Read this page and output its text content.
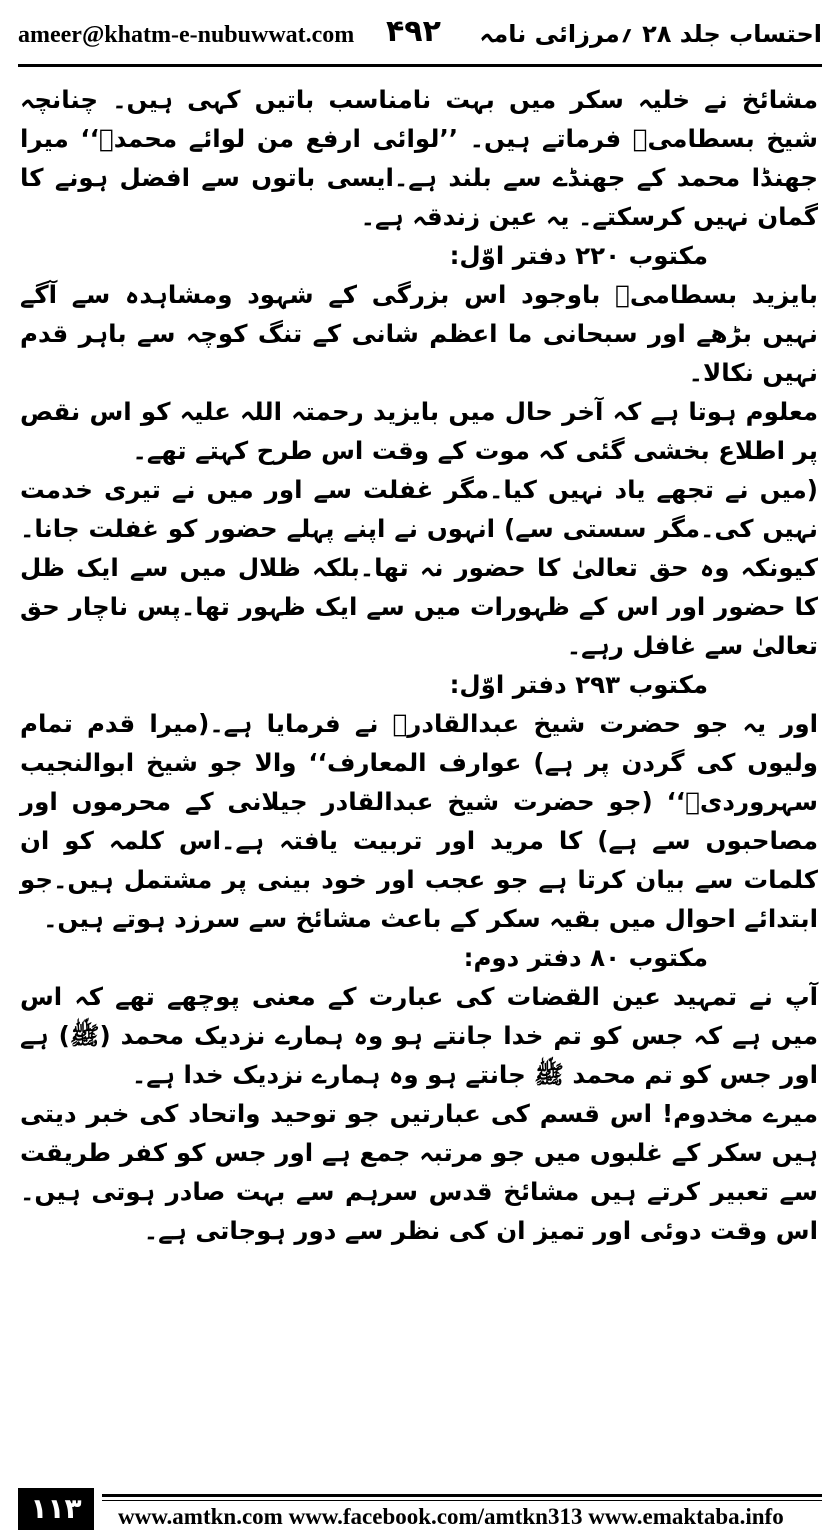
ameer@khatm-e-nubuwwat.com ۴۹۲ احتساب جلد ۲۸ ؍مرزائی نامہ

مشائخ نے خلیہ سکر میں بہت نامناسب باتیں کہی ہیں۔ چنانچہ شیخ بسطامیؒ فرماتے ہیں۔ ’’لوائی ارفع من لوائے محمدؐ‘‘ میرا جھنڈا محمد کے جھنڈے سے بلند ہے۔ایسی باتوں سے افضل ہونے کا گمان نہیں کرسکتے۔ یہ عین زندقہ ہے۔

مکتوب ۲۲۰ دفتر اوّل:

بایزید بسطامیؒ باوجود اس بزرگی کے شہود ومشاہدہ سے آگے نہیں بڑھے اور سبحانی ما اعظم شانی کے تنگ کوچہ سے باہر قدم نہیں نکالا۔

معلوم ہوتا ہے کہ آخر حال میں بایزید رحمتہ اللہ علیہ کو اس نقص پر اطلاع بخشی گئی کہ موت کے وقت اس طرح کہتے تھے۔

(میں نے تجھے یاد نہیں کیا۔مگر غفلت سے اور میں نے تیری خدمت نہیں کی۔مگر سستی سے) انہوں نے اپنے پہلے حضور کو غفلت جانا۔کیونکہ وہ حق تعالیٰ کا حضور نہ تھا۔بلکہ ظلال میں سے ایک ظل کا حضور اور اس کے ظہورات میں سے ایک ظہور تھا۔پس ناچار حق تعالیٰ سے غافل رہے۔

مکتوب ۲۹۳ دفتر اوّل:

اور یہ جو حضرت شیخ عبدالقادرؒ نے فرمایا ہے۔(میرا قدم تمام ولیوں کی گردن پر ہے) عوارف المعارف‘‘ والا جو شیخ ابوالنجیب سہروردیؒ‘‘ (جو حضرت شیخ عبدالقادر جیلانی کے محرموں اور مصاحبوں سے ہے) کا مرید اور تربیت یافتہ ہے۔اس کلمہ کو ان کلمات سے بیان کرتا ہے جو عجب اور خود بینی پر مشتمل ہیں۔جو ابتدائے احوال میں بقیہ سکر کے باعث مشائخ سے سرزد ہوتے ہیں۔

مکتوب ۸۰ دفتر دوم:

آپ نے تمہید عین القضات کی عبارت کے معنی پوچھے تھے کہ اس میں ہے کہ جس کو تم خدا جانتے ہو وہ ہمارے نزدیک محمد (ﷺ) ہے اور جس کو تم محمد ﷺ جانتے ہو وہ ہمارے نزدیک خدا ہے۔

میرے مخدوم! اس قسم کی عبارتیں جو توحید واتحاد کی خبر دیتی ہیں سکر کے غلبوں میں جو مرتبہ جمع ہے اور جس کو کفر طریقت سے تعبیر کرتے ہیں مشائخ قدس سرہم سے بہت صادر ہوتی ہیں۔اس وقت دوئی اور تمیز ان کی نظر سے دور ہوجاتی ہے۔

۱۱۳	www.amtkn.com www.facebook.com/amtkn313 www.emaktaba.info
